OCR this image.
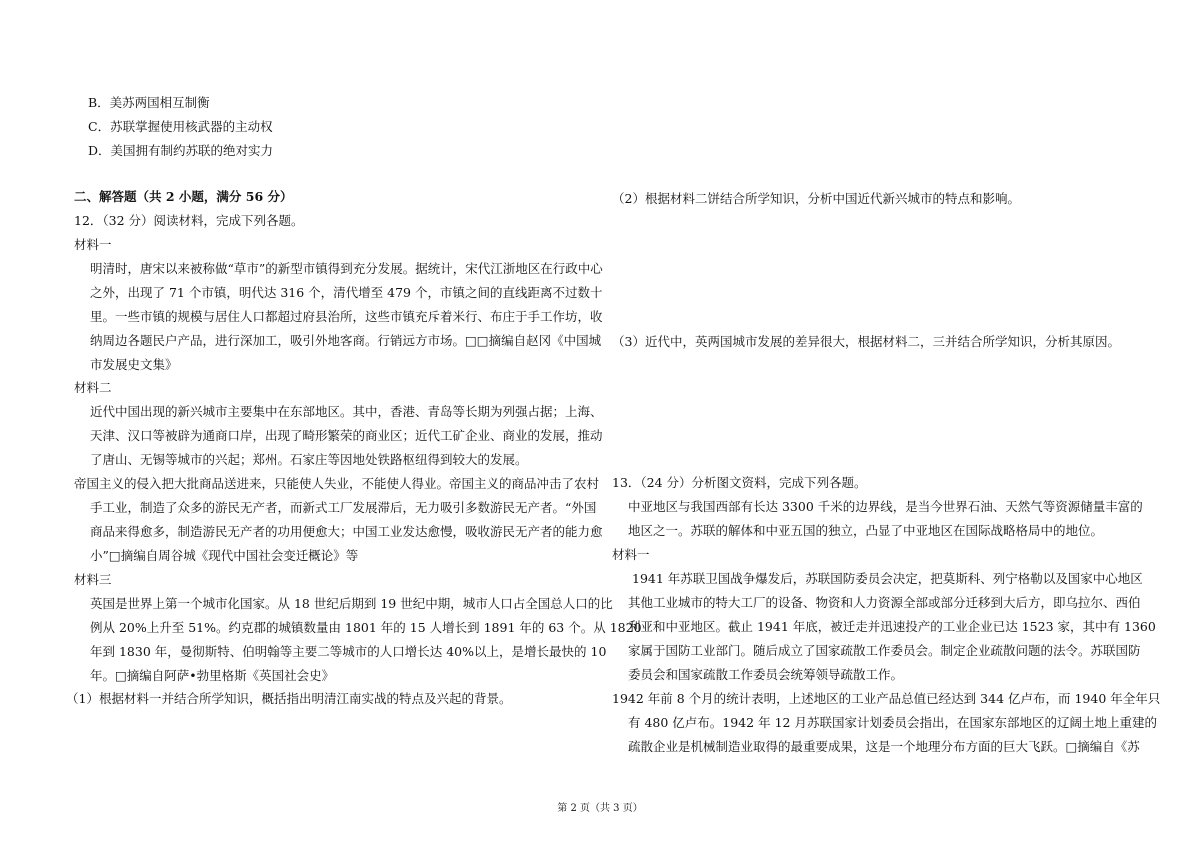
B．美苏两国相互制衡
C．苏联掌握使用核武器的主动权
D．美国拥有制约苏联的绝对实力
二、解答题（共 2 小题，满分 56 分）
12．（32 分）阅读材料，完成下列各题。
材料一
明清时，唐宋以来被称做“草市”的新型市镇得到充分发展。据统计，宋代江浙地区在行政中心
之外，出现了 71 个市镇，明代达 316 个，清代增至 479 个，市镇之间的直线距离不过数十
里。一些市镇的规模与居住人口都超过府县治所，这些市镇充斥着米行、布庄于手工作坊，收
纳周边各题民户产品，进行深加工，吸引外地客商。行销远方市场。□□摘编自赵冈《中国城
市发展史文集》
材料二
近代中国出现的新兴城市主要集中在东部地区。其中，香港、青岛等长期为列强占据；上海、
天津、汉口等被辟为通商口岸，出现了畸形繁荣的商业区；近代工矿企业、商业的发展，推动
了唐山、无锡等城市的兴起；郑州。石家庄等因地处铁路枢纽得到较大的发展。
帝国主义的侵入把大批商品送进来，只能使人失业，不能使人得业。帝国主义的商品冲击了农村
手工业，制造了众多的游民无产者，而新式工厂发展滞后，无力吸引多数游民无产者。“外国
商品来得愈多，制造游民无产者的功用便愈大；中国工业发达愈慢，吸收游民无产者的能力愈
小”□摘编自周谷城《现代中国社会变迁概论》等
材料三
英国是世界上第一个城市化国家。从 18 世纪后期到 19 世纪中期，城市人口占全国总人口的比
例从 20%上升至 51%。约克郡的城镇数量由 1801 年的 15 人增长到 1891 年的 63 个。从 1820
年到 1830 年，曼彻斯特、伯明翰等主要二等城市的人口增长达 40%以上，是增长最快的 10
年。□摘编自阿萨•勃里格斯《英国社会史》
（1）根据材料一并结合所学知识，概括指出明清江南实战的特点及兴起的背景。
（2）根据材料二饼结合所学知识，分析中国近代新兴城市的特点和影响。
（3）近代中，英两国城市发展的差异很大，根据材料二，三并结合所学知识，分析其原因。
13．（24 分）分析图文资料，完成下列各题。
中亚地区与我国西部有长达 3300 千米的边界线，是当今世界石油、天然气等资源储量丰富的
地区之一。苏联的解体和中亚五国的独立，凸显了中亚地区在国际战略格局中的地位。
材料一
1941 年苏联卫国战争爆发后，苏联国防委员会决定，把莫斯科、列宁格勒以及国家中心地区
其他工业城市的特大工厂的设备、物资和人力资源全部或部分迁移到大后方，即乌拉尔、西伯
利亚和中亚地区。截止 1941 年底，被迁走并迅速投产的工业企业已达 1523 家，其中有 1360
家属于国防工业部门。随后成立了国家疏散工作委员会。制定企业疏散问题的法令。苏联国防
委员会和国家疏散工作委员会统筹领导疏散工作。
1942 年前 8 个月的统计表明，上述地区的工业产品总值已经达到 344 亿卢布，而 1940 年全年只
有 480 亿卢布。1942 年 12 月苏联国家计划委员会指出，在国家东部地区的辽阔土地上重建的
疏散企业是机械制造业取得的最重要成果，这是一个地理分布方面的巨大飞跃。□摘编自《苏
第 2 页（共 3 页）
